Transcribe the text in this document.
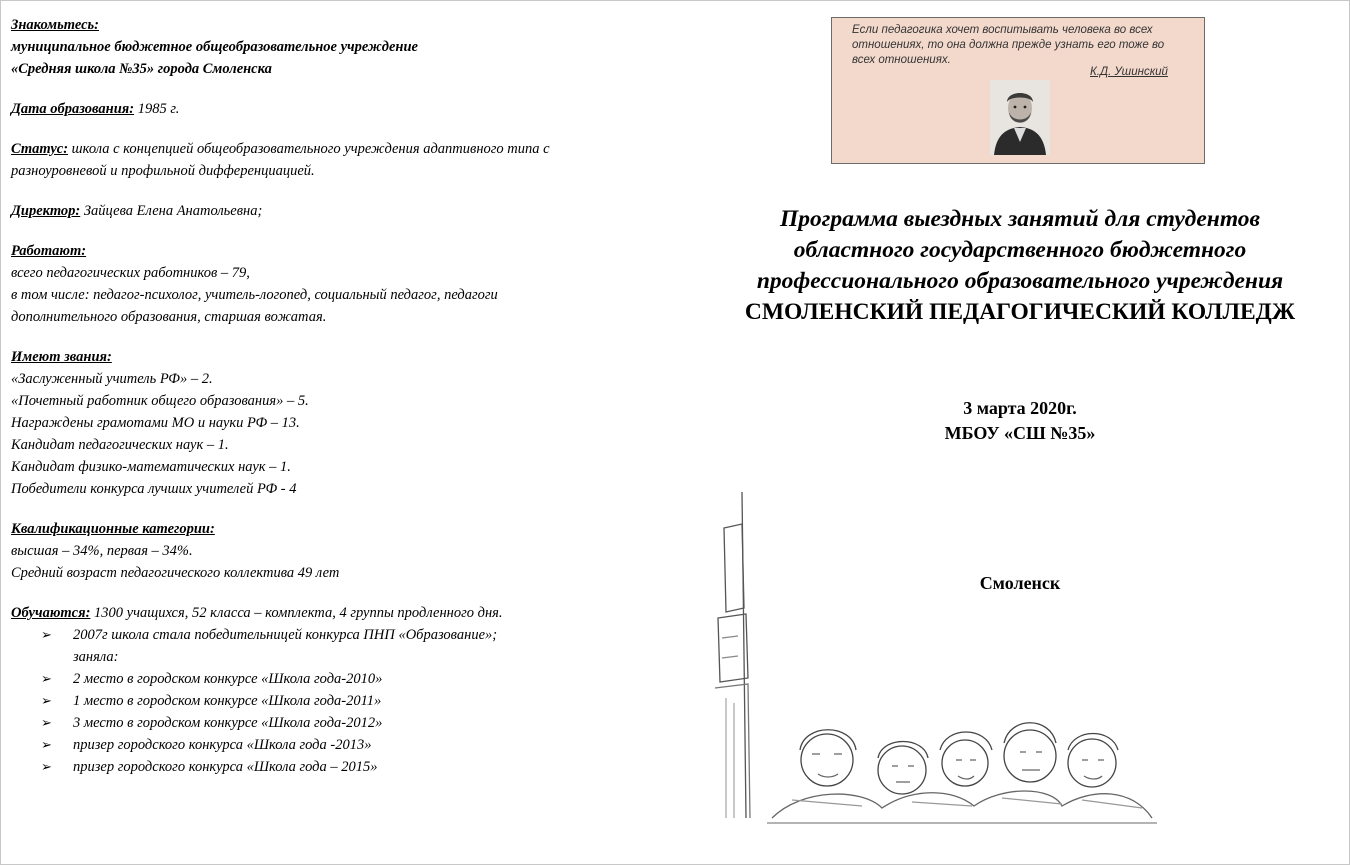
Знакомьтесь:

муниципальное бюджетное общеобразовательное учреждение

«Средняя школа №35» города Смоленска

Дата образования: 1985 г.

Статус: школа с концепцией общеобразовательного учреждения адаптивного типа с

разноуровневой и профильной дифференциацией.

Директор: Зайцева Елена Анатольевна;

Работают:

всего педагогических работников – 79,

в том числе: педагог-психолог, учитель-логопед, социальный педагог, педагоги

дополнительного образования, старшая вожатая.

Имеют звания:

«Заслуженный учитель РФ» – 2.

«Почетный работник общего образования» – 5.

Награждены грамотами МО и науки РФ – 13.

Кандидат педагогических наук – 1.

Кандидат физико-математических наук – 1.

Победители конкурса лучших учителей РФ - 4

Квалификационные категории:

высшая – 34%, первая – 34%.

Средний возраст педагогического коллектива 49 лет

Обучаются: 1300 учащихся, 52 класса – комплекта, 4 группы продленного дня.

➢ 2007г школа стала победительницей конкурса ПНП «Образование»;
заняла:
➢ 2 место в городском конкурсе «Школа года-2010»
➢ 1 место в городском конкурсе «Школа года-2011»
➢ 3 место в городском конкурсе «Школа года-2012»
➢ призер городского конкурса «Школа года -2013»
➢ призер городского конкурса «Школа года – 2015»
Если педагогика хочет воспитывать человека во всех отношениях, то она должна прежде узнать его тоже во всех отношениях.
К.Д. Ушинский
Программа выездных занятий для студентов
областного государственного бюджетного
профессионального образовательного учреждения
СМОЛЕНСКИЙ ПЕДАГОГИЧЕСКИЙ КОЛЛЕДЖ
3 марта 2020г.
МБОУ «СШ №35»
Смоленск
